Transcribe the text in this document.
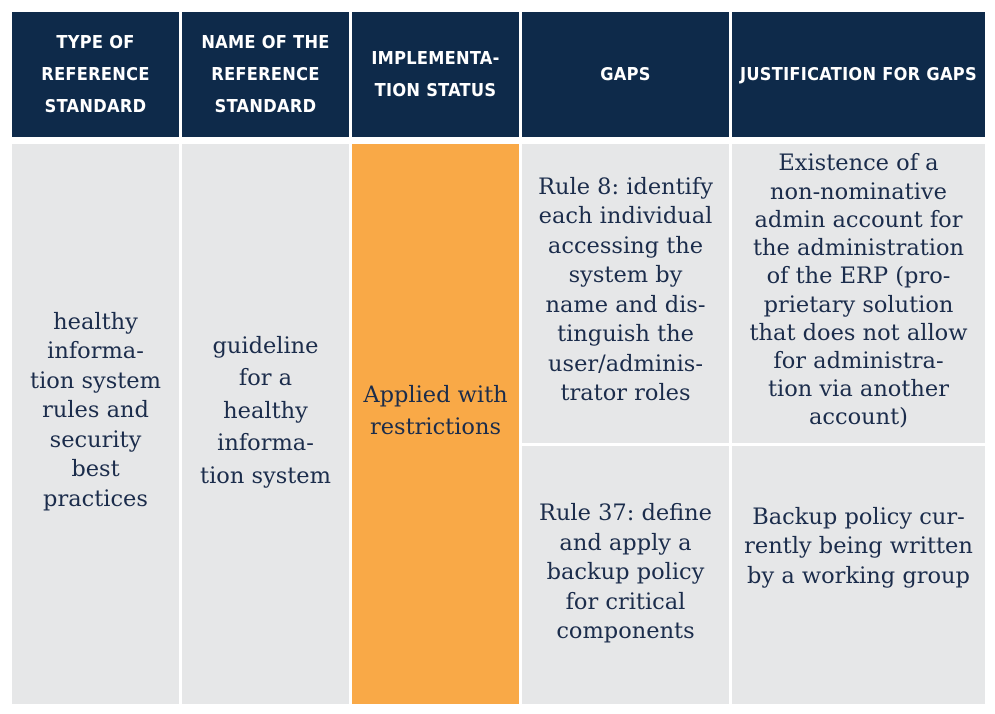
TYPE OF
REFERENCE
STANDARD
NAME OF THE
REFERENCE
STANDARD
IMPLEMENTA-
TION STATUS
GAPS	JUSTIFICATION FOR GAPS
healthy
informa-
tion system
rules and
security
best
practices
guideline
for a
healthy
informa-
tion system
Applied with
restrictions
Rule 8: identify
each individual
accessing the
system by
name and dis-
tinguish the
user/adminis-
trator roles
Existence of a
non-nominative
admin account for
the administration
of the ERP (pro-
prietary solution
that does not allow
for administra-
tion via another
account)
Rule 37: define
and apply a
backup policy
for critical
components
Backup policy cur-
rently being written
by a working group
